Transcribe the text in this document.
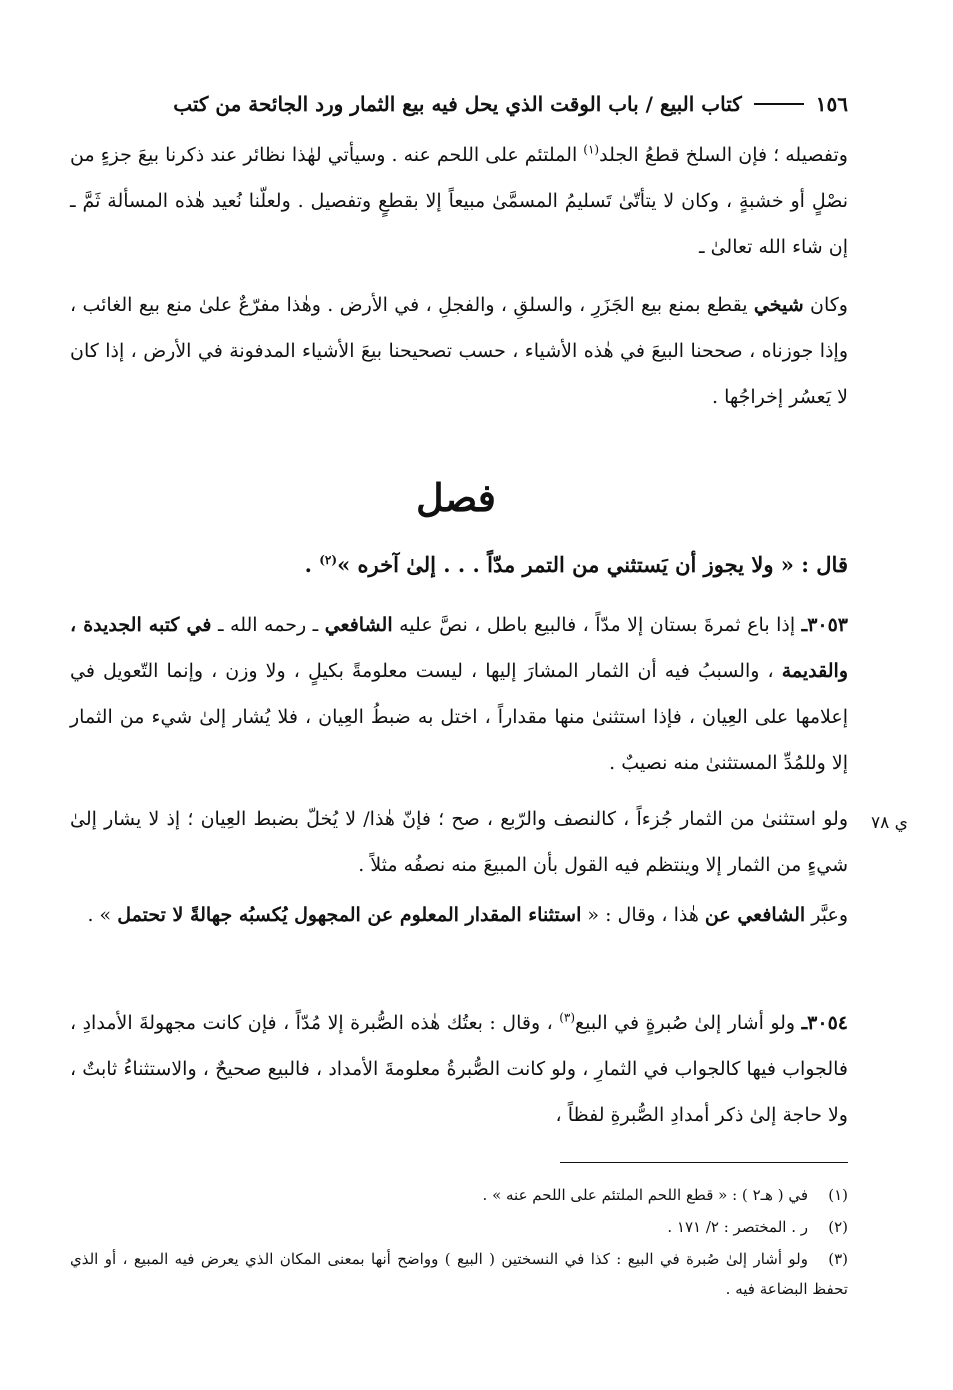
١٥٦
كتاب البيع / باب الوقت الذي يحل فيه بيع الثمار ورد الجائحة من كتب
وتفصيله ؛ فإن السلخ قطعُ الجلد$^{(١)}$ الملتئم على اللحم عنه . وسيأتي لهٰذا نظائر عند ذكرنا بيعَ جزءٍ من نصْلٍ أو خشبةٍ ، وكان لا يتأتّىٰ تَسليمُ المسمَّىٰ مبيعاً إلا بقطعٍ وتفصيل . ولعلّنا نُعيد هٰذه المسألة ثَمَّ ـ إن شاء الله تعالىٰ ـ
وكان شيخي يقطع بمنع بيع الجَزَرِ ، والسلقِ ، والفجلِ ، في الأرض . وهٰذا مفرّعٌ علىٰ منع بيع الغائب ، وإذا جوزناه ، صححنا البيعَ في هٰذه الأشياء ، حسب تصحيحنا بيعَ الأشياء المدفونة في الأرض ، إذا كان لا يَعسُر إخراجُها .
فصل
قال : « ولا يجوز أن يَستثني من التمر مدّاً . . . إلىٰ آخره »$^{(٢)}$ .
٣٠٥٣ـ إذا باع ثمرةَ بستان إلا مدّاً ، فالبيع باطل ، نصَّ عليه الشافعي ـ رحمه الله ـ في كتبه الجديدة ، والقديمة ، والسببُ فيه أن الثمار المشارَ إليها ، ليست معلومةً بكيلٍ ، ولا وزن ، وإنما التّعويل في إعلامها على العِيان ، فإذا استثنىٰ منها مقداراً ، اختل به ضبطُ العِيان ، فلا يُشار إلىٰ شيء من الثمار إلا وللمُدِّ المستثنىٰ منه نصيبٌ .
ولو استثنىٰ من الثمار جُزءاً ، كالنصف والرّبع ، صح ؛ فإنّ هٰذا/ لا يُخلّ بضبط العِيان ؛ إذ لا يشار إلىٰ شيءٍ من الثمار إلا وينتظم فيه القول بأن المبيعَ منه نصفُه مثلاً .
ي ٧٨
وعبَّر الشافعي عن هٰذا ، وقال : « استثناء المقدار المعلوم عن المجهول يُكسبُه جهالةً لا تحتمل » .
٣٠٥٤ـ ولو أشار إلىٰ صُبرةٍ في البيع$^{(٣)}$ ، وقال : بعتُك هٰذه الصُّبرة إلا مُدّاً ، فإن كانت مجهولةَ الأمدادِ ، فالجواب فيها كالجواب في الثمارِ ، ولو كانت الصُّبرةُ معلومةَ الأمداد ، فالبيع صحيحٌ ، والاستثناءُ ثابتٌ ، ولا حاجة إلىٰ ذكر أمدادِ الصُّبرةِ لفظاً ،
(١)في ( هـ٢ ) : « قطع اللحم الملتئم على اللحم عنه » .
(٢)ر . المختصر : ٢/ ١٧١ .
(٣)ولو أشار إلىٰ صُبرة في البيع : كذا في النسختين ( البيع ) وواضح أنها بمعنى المكان الذي يعرض فيه المبيع ، أو الذي تحفظ البضاعة فيه .
